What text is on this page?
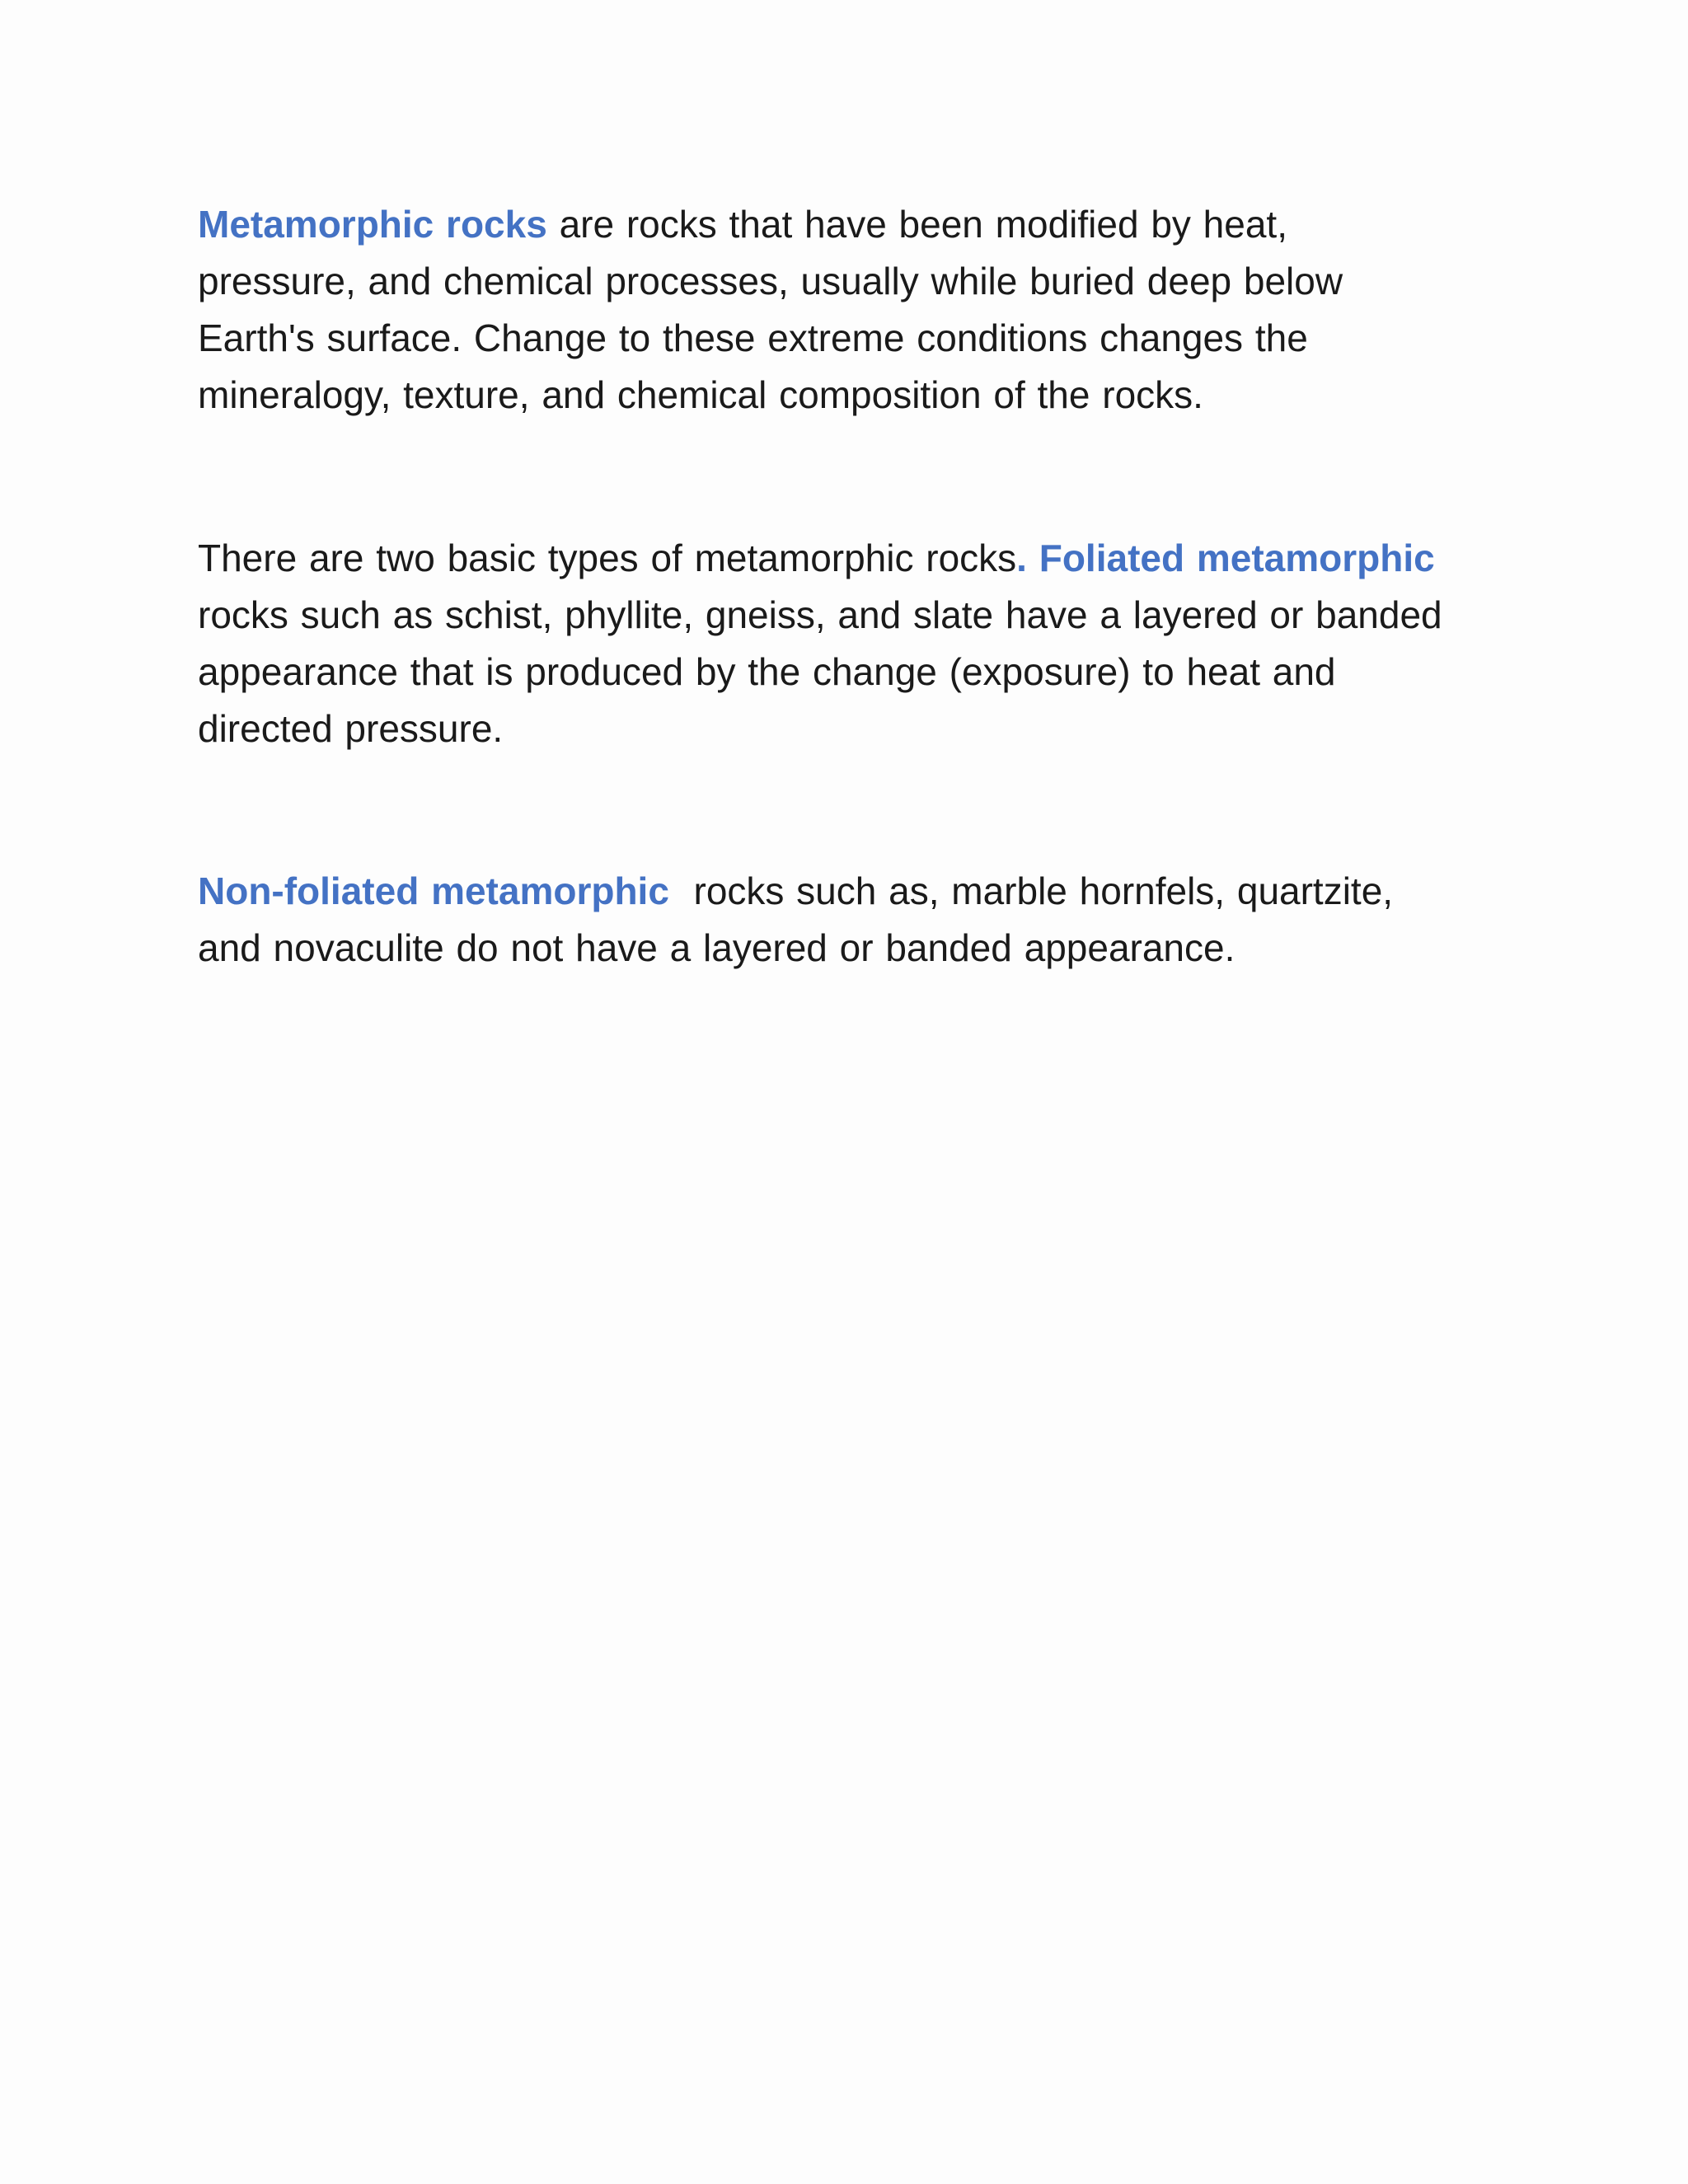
Metamorphic rocks are rocks that have been modified by heat,
pressure, and chemical processes, usually while buried deep below
Earth's surface. Change to these extreme conditions changes the
mineralogy, texture, and chemical composition of the rocks.

There are two basic types of metamorphic rocks. Foliated metamorphic
rocks such as schist, phyllite, gneiss, and slate have a layered or banded
appearance that is produced by the change (exposure) to heat and
directed pressure.

Non-foliated metamorphic  rocks such as, marble hornfels, quartzite,
and novaculite do not have a layered or banded appearance.
